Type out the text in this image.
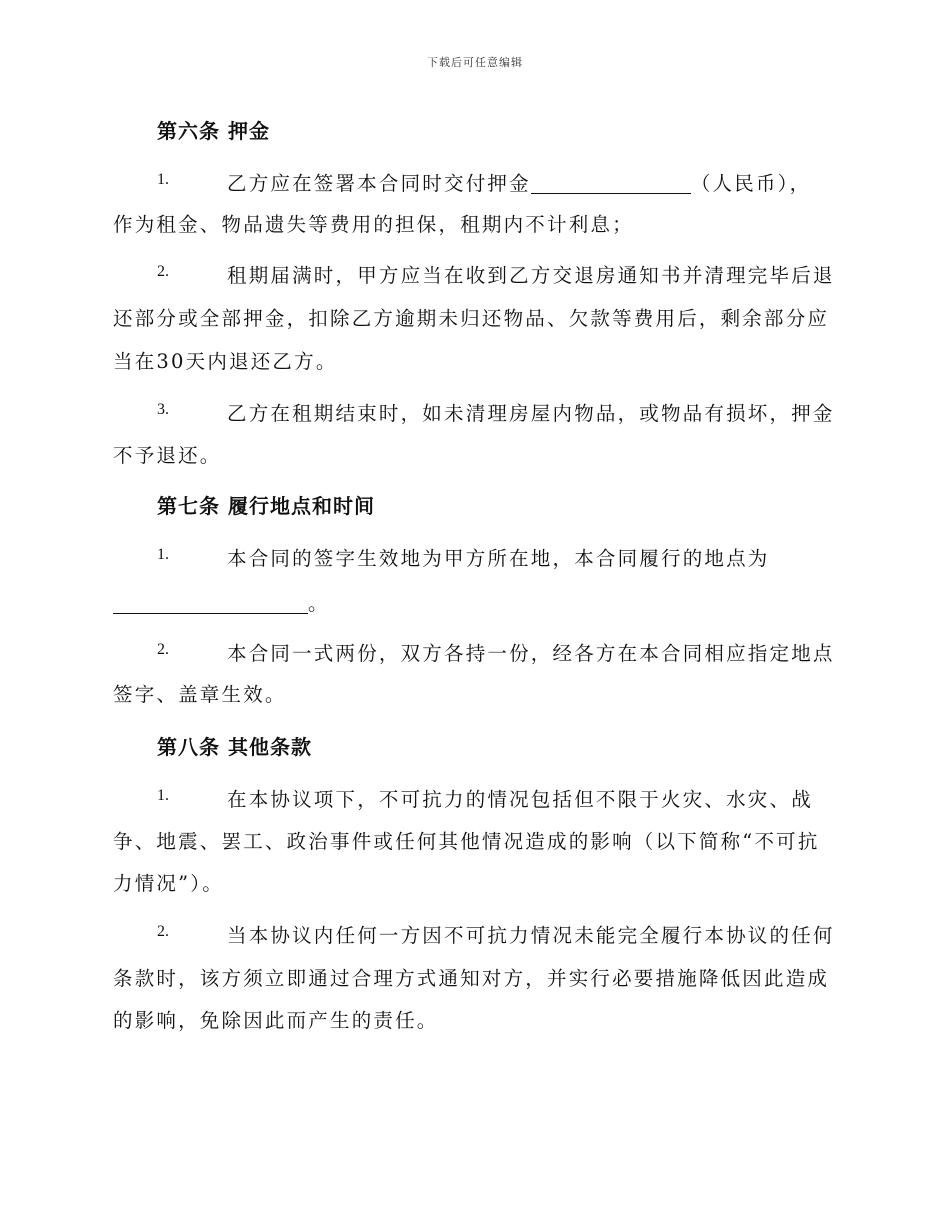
下载后可任意编辑
第六条 押金
1.	乙方应在签署本合同时交付押金	（人民币），
作为租金、物品遗失等费用的担保，租期内不计利息；
2.	租期届满时，甲方应当在收到乙方交退房通知书并清理完毕后退
还部分或全部押金，扣除乙方逾期未归还物品、欠款等费用后，剩余部分应
当在30天内退还乙方。
3.	乙方在租期结束时，如未清理房屋内物品，或物品有损坏，押金
不予退还。
第七条 履行地点和时间
1.	本合同的签字生效地为甲方所在地，本合同履行的地点为
。
2.	本合同一式两份，双方各持一份，经各方在本合同相应指定地点
签字、盖章生效。
第八条 其他条款
1.	在本协议项下，不可抗力的情况包括但不限于火灾、水灾、战
争、地震、罢工、政治事件或任何其他情况造成的影响（以下简称“不可抗
力情况”）。
2.	当本协议内任何一方因不可抗力情况未能完全履行本协议的任何
条款时，该方须立即通过合理方式通知对方，并实行必要措施降低因此造成
的影响，免除因此而产生的责任。
